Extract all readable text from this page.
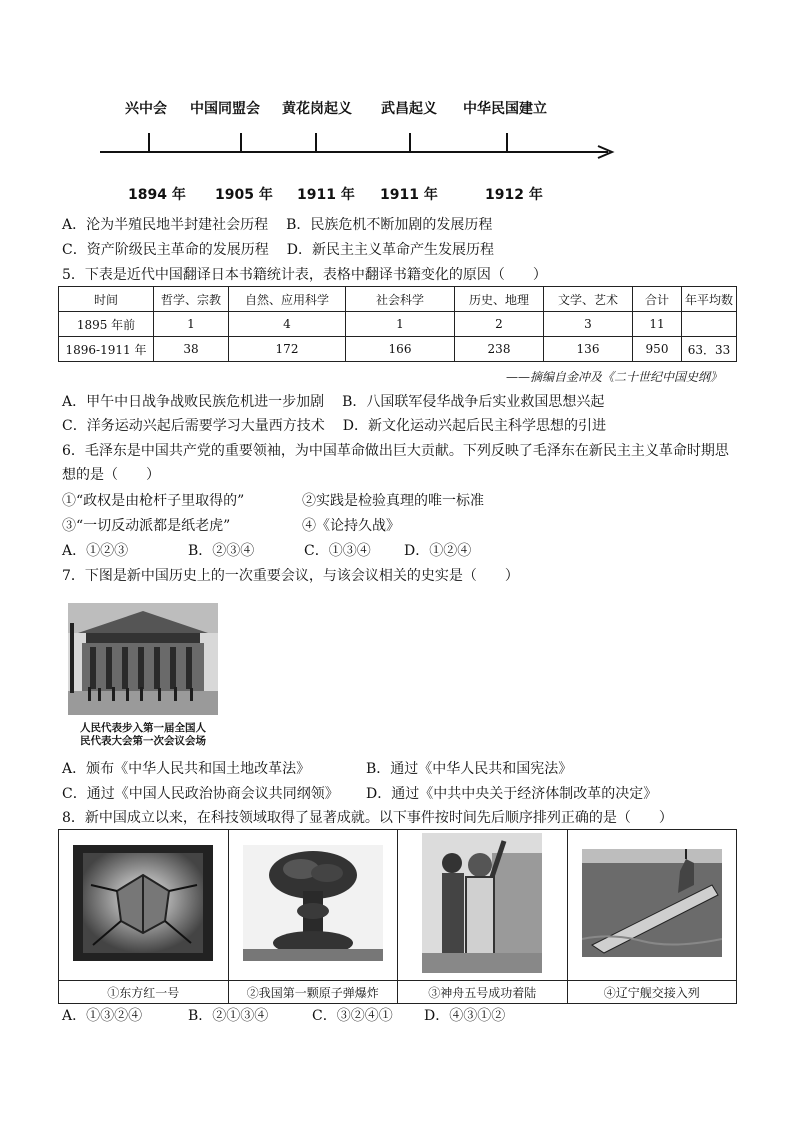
兴中会 中国同盟会 黄花岗起义 武昌起义 中华民国建立
1894 年 1905 年 1911 年 1911 年	1912 年
A．沦为半殖民地半封建社会历程 B．民族危机不断加剧的发展历程
C．资产阶级民主革命的发展历程 D．新民主主义革命产生发展历程
5．下表是近代中国翻译日本书籍统计表，表格中翻译书籍变化的原因（　　）
时间	哲学、宗教	自然、应用科学	社会科学	历史、地理	文学、艺术	合计	年平均数
1895 年前	1	4	1	2	3	11	
1896-1911 年	38	172	166	238	136	950	63．33
——摘编自金冲及《二十世纪中国史纲》
A．甲午中日战争战败民族危机进一步加剧 B．八国联军侵华战争后实业救国思想兴起
C．洋务运动兴起后需要学习大量西方技术 D．新文化运动兴起后民主科学思想的引进
6．毛泽东是中国共产党的重要领袖，为中国革命做出巨大贡献。下列反映了毛泽东在新民主主义革命时期思
想的是（　　）
①“政权是由枪杆子里取得的”	②实践是检验真理的唯一标准
③“一切反动派都是纸老虎”	④《论持久战》
A．①②③	B．②③④	C．①③④ D．①②④
7．下图是新中国历史上的一次重要会议，与该会议相关的史实是（　　）
人民代表步入第一届全国人
民代表大会第一次会议会场
A．颁布《中华人民共和国土地改革法》	B．通过《中华人民共和国宪法》
C．通过《中国人民政治协商会议共同纲领》 D．通过《中共中央关于经济体制改革的决定》
8．新中国成立以来，在科技领域取得了显著成就。以下事件按时间先后顺序排列正确的是（　　）

①东方红一号	②我国第一颗原子弹爆炸	③神舟五号成功着陆	④辽宁舰交接入列
A．①③②④	B．②①③④	C．③②④① D．④③①②
